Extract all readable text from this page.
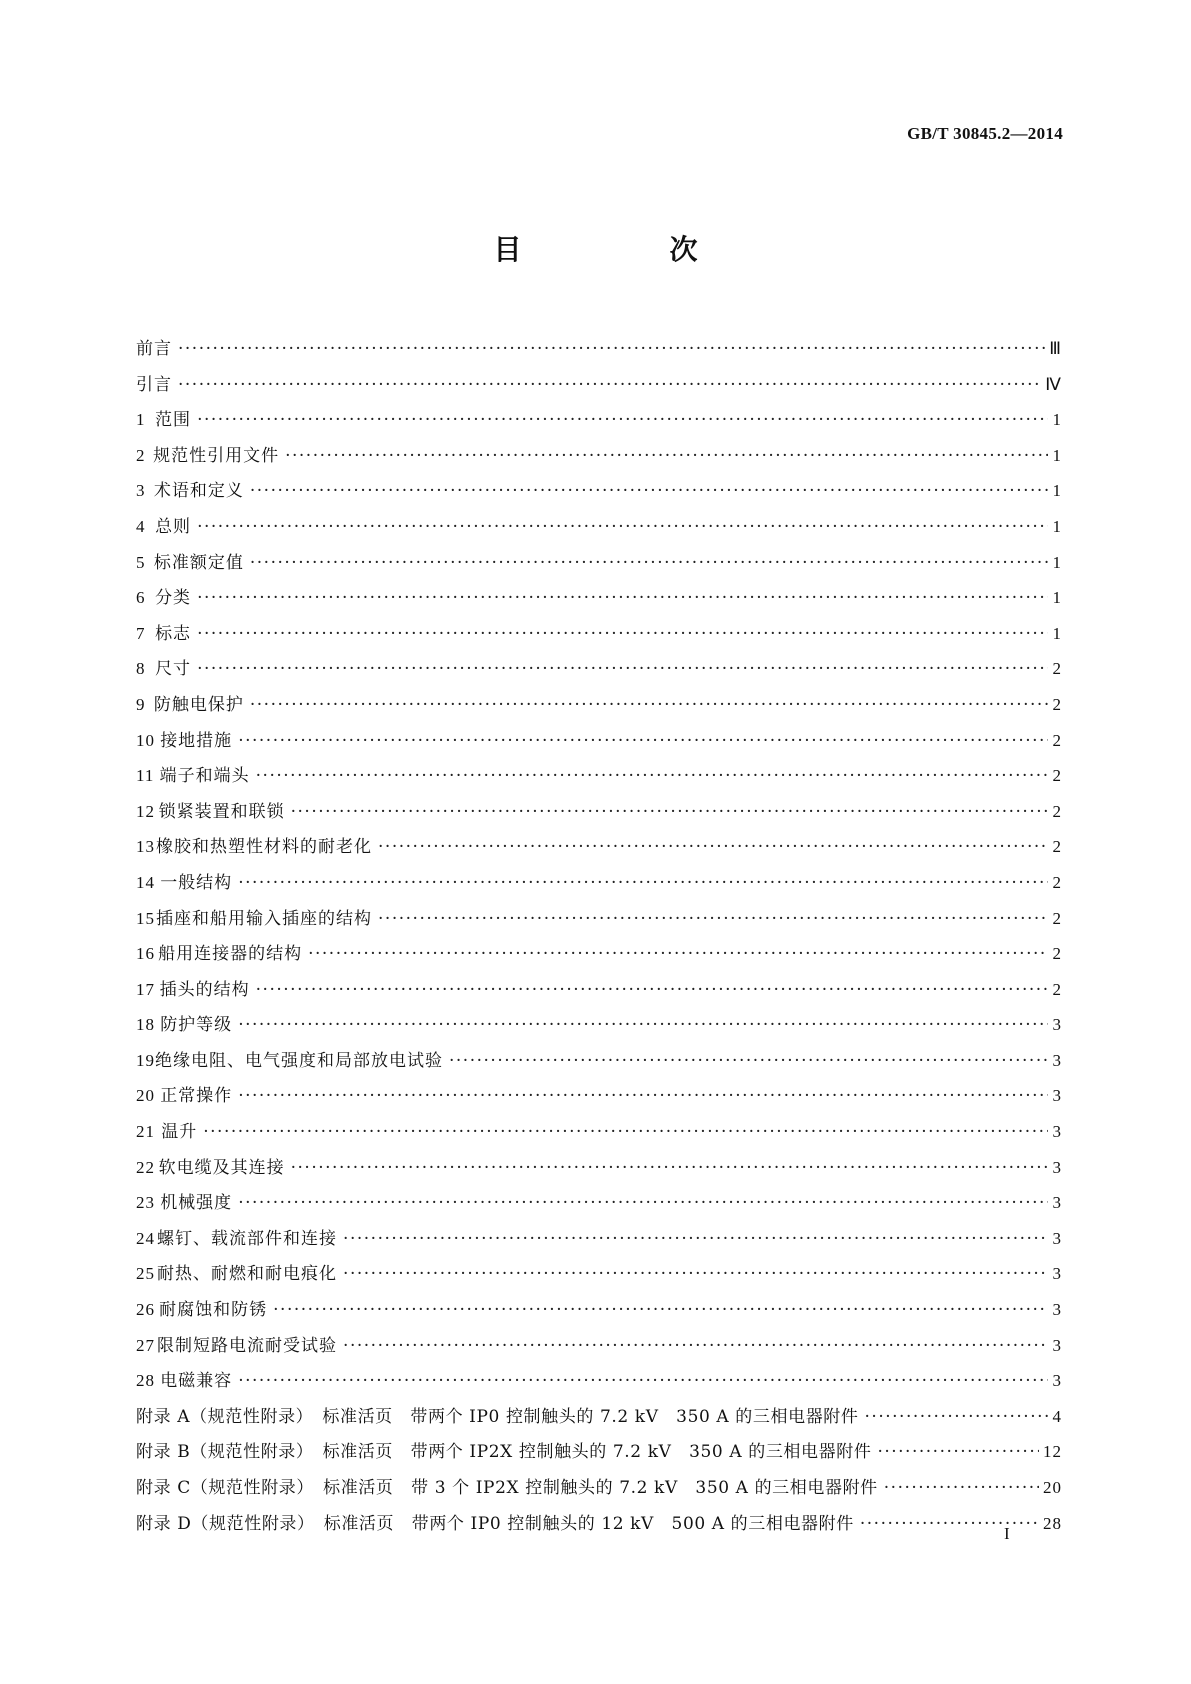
GB/T 30845.2—2014
目　次
前言 ·····	Ⅲ
引言 ·····	Ⅳ
1 范围 ·····	1
2 规范性引用文件 ·····	1
3 术语和定义 ·····	1
4 总则 ·····	1
5 标准额定值 ·····	1
6 分类 ·····	1
7 标志 ·····	1
8 尺寸 ·····	2
9 防触电保护 ·····	2
10 接地措施 ·····	2
11 端子和端头 ·····	2
12 锁紧装置和联锁 ·····	2
13 橡胶和热塑性材料的耐老化 ·····	2
14 一般结构 ·····	2
15 插座和船用输入插座的结构 ·····	2
16 船用连接器的结构 ·····	2
17 插头的结构 ·····	2
18 防护等级 ·····	3
19 绝缘电阻、电气强度和局部放电试验 ·····	3
20 正常操作 ·····	3
21 温升 ·····	3
22 软电缆及其连接 ·····	3
23 机械强度 ·····	3
24 螺钉、载流部件和连接 ·····	3
25 耐热、耐燃和耐电痕化 ·····	3
26 耐腐蚀和防锈 ·····	3
27 限制短路电流耐受试验 ·····	3
28 电磁兼容 ·····	3
附录 A（规范性附录）　标准活页　带两个 IP0 控制触头的 7.2 kV　350 A 的三相电器附件 ·····	4
附录 B（规范性附录）　标准活页　带两个 IP2X 控制触头的 7.2 kV　350 A 的三相电器附件 ·····	12
附录 C（规范性附录）　标准活页　带 3 个 IP2X 控制触头的 7.2 kV　350 A 的三相电器附件 ·····	20
附录 D（规范性附录）　标准活页　带两个 IP0 控制触头的 12 kV　500 A 的三相电器附件 ·····	28
I
